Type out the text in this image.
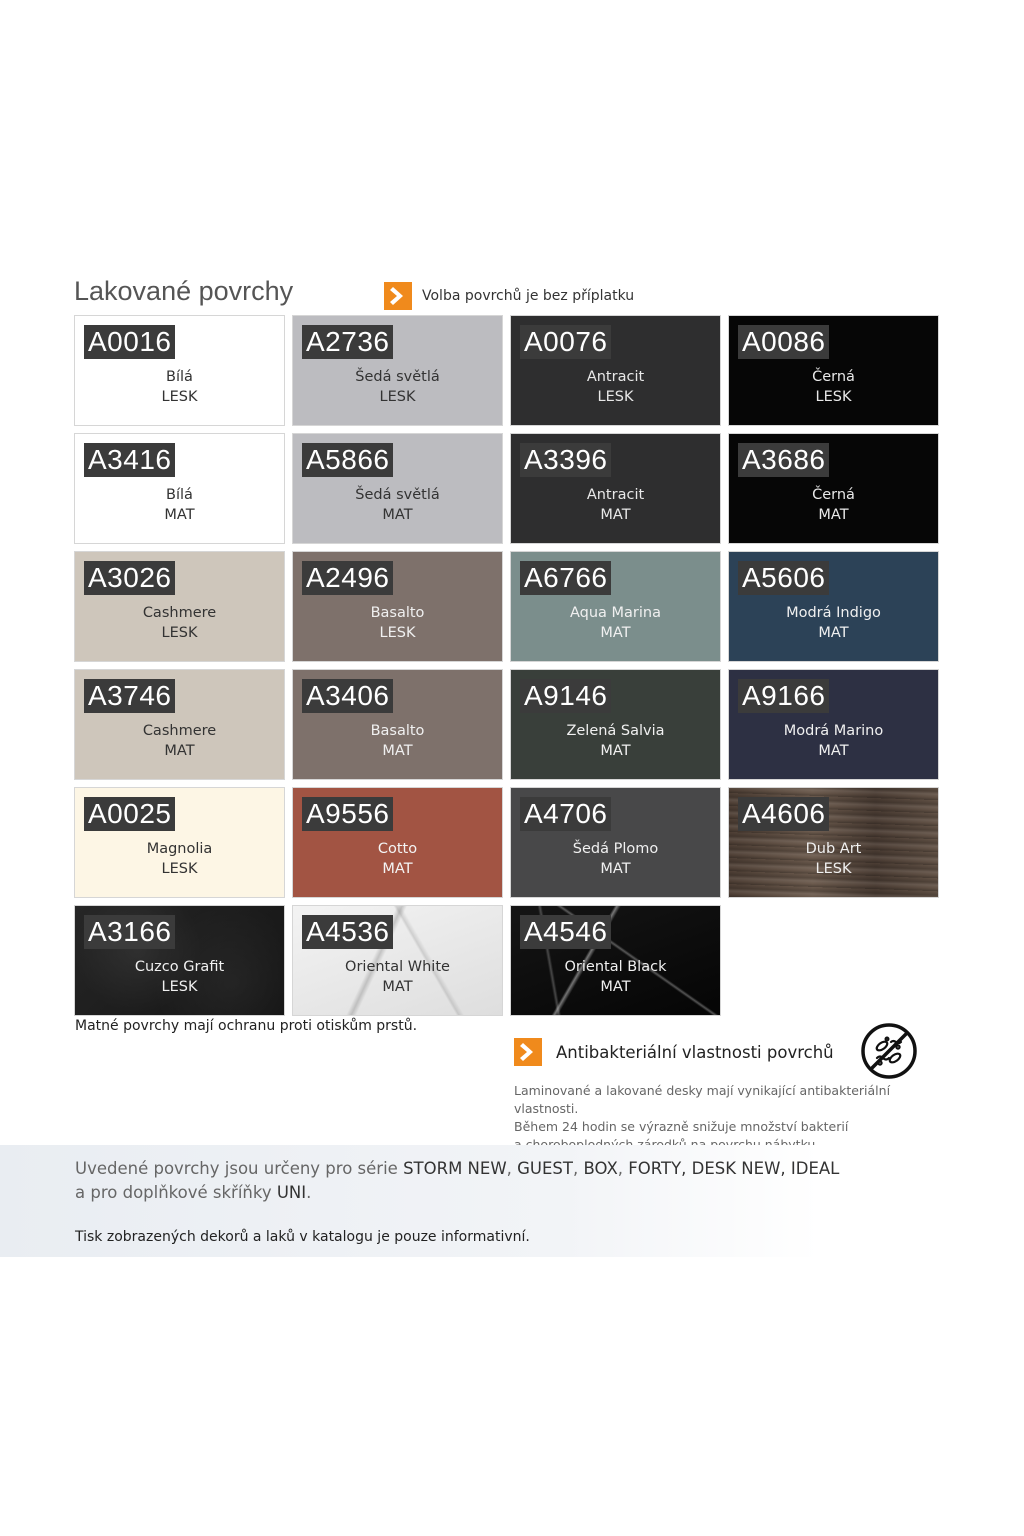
Lakované povrchy	Volba povrchů je bez příplatku
A0016
Bílá
LESK
A2736
Šedá světlá
LESK
A0076
Antracit
LESK
A0086
Černá
LESK
A3416
Bílá
MAT
A5866
Šedá světlá
MAT
A3396
Antracit
MAT
A3686
Černá
MAT
A3026
Cashmere
LESK
A2496
Basalto
LESK
A6766
Aqua Marina
MAT
A5606
Modrá Indigo
MAT
A3746
Cashmere
MAT
A3406
Basalto
MAT
A9146
Zelená Salvia
MAT
A9166
Modrá Marino
MAT
A0025
Magnolia
LESK
A9556
Cotto
MAT
A4706
Šedá Plomo
MAT
A4606
Dub Art
LESK
A3166
Cuzco Grafit
LESK
A4536
Oriental White
MAT
A4546
Oriental Black
MAT
Matné povrchy mají ochranu proti otiskům prstů.
Antibakteriální vlastnosti povrchů
Laminované a lakované desky mají vynikající antibakteriální vlastnosti.
Během 24 hodin se výrazně snižuje množství bakterií
Uvedené povrchy jsou určeny pro série STORM NEW, GUEST, BOX, FORTY, DESK NEW, IDEAL
a pro doplňkové skříňky UNI.
Tisk zobrazených dekorů a laků v katalogu je pouze informativní.
